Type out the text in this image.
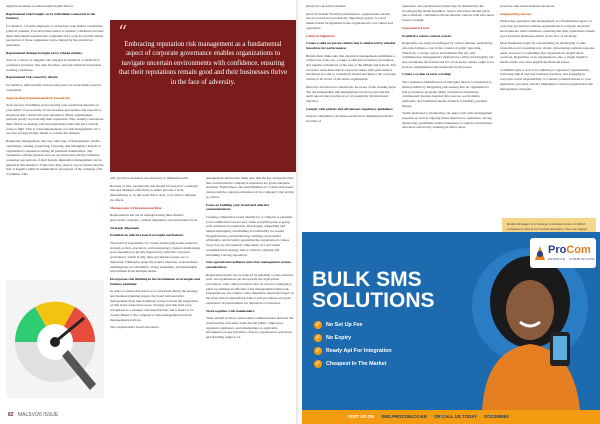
negative incidents or unfavourable health effects.

Reputational risk brought on by individuals connected to the business;

for instance, a hostile employee or an investor who makes contentious political remarks. Executive misconduct is another contributor because these individuals represent the companies they work for and the public perception of those companies can be shaped by the executives' reputation.

Reputational damage brought on by related entities;

such as a vendor or supplier who engages in unethical or ineffective workplace practices, like data breaches, and who mistreats hazardous working conditions.

Reputational risk caused by clients;

for instance, unfavourable reviews and posts on social media beyond complaints.

Approaching Reputational Risk Proactively

Your success in building and protecting your reputation depends on your ability to proactively avoid customer perceptions and respond to situations that could harm your reputation. Many organisations perform poorly in protecting their reputation. They usually concentrate their efforts on dealing with the reputational risks that have already come to light. This is crisis management, not risk management; it's a reactive strategy mainly meant to contain the damage.

Reputation management, like any other type of management, entails organising, creating, preserving, fostering, and managing a brand's or organisation's reputation among all pertinent stakeholders. The businesses with the greatest success are those that actively influence consumer perceptions of their brands. Reputation management can be helpful in this situation. If this isn't done, there's a good chance that the risk of negative shifts in stakeholders' perception of the company will crystallise. This

“
Embracing reputation risk management as a fundamental aspect of corporate governance enables organizations to navigate uncertain environments with confidence, ensuring that their reputations remain good and their businesses thrive in the face of adversity.

why proactive measures are necessary to minimise harm.

Because of this, reputational risk should be treated as a strategic risk and managed effectively to either prevent it from materialising or, in the event that it does, to be able to mitigate its effects.

Management Of Reputational Risk

Reputational risk can be managed using three distinct approaches: strategic, cultural alignment, and operational focus.

Strategic Alignment

Establish an effective board oversight mechanism:

The board is responsible for closely monitoring issues related to strategy, policy, execution, and transparency. Indeed, maintaining good reputation is greatly impacted by effective corporate governance, which is why these governance issues are so important. Ultimately under the board's direction, it necessitates unambiguous accountability, strong leadership, and meaningful involvement from multiple teams.

Incorporate risk thinking in the formulation of strategies and business planning:

In order to ensure that risk is not overlooked during the strategy and business planning stages, the board and executive management must take deliberate action towards the integration of risk in the related processes. Strategy and risk need to be recognised as a strategic and material risk, and it needs to be closely linked to the company's crisis management and risk management practices.

The organisation's board and senior

management should also make sure that the key enterprise risks that could harm the company's reputation are given adequate attention. Furthermore, the establishment of a robust risk-based culture and the ongoing evaluation of the company's risk profile is critical.

Focus on building your brand and effective communications:

Creating a distinctive brand identity for a company is essential to its commercial success and, when everything else is going well, enhances its reputation. Developing compelling and unique messaging, establishing accountability for results through metrics and monitoring, utilising social media efficiently, and fervently upholding the organisation's values every day are all essential components of a successful communication strategy that is critical to gaining and sustaining a strong reputation.

Give operational resilience and crisis management serious consideration:

Reputational harm can be reduced by handling a crisis situation well. An organisation can incorporate the appropriate procedures, roles, and governance into its current contingency plans by utilising an efficient crisis management framework. Organisations can conduct crisis simulation rehearsals based on the most critical reputational risks to test procedures and gain experience in preparedness for disruptive occurrences.

Work together with stakeholders:

There should be more value-added communication between the board and the executive team and the public, employees, suppliers, regulators, and shareholders as applicable. Information on key priorities, choices, organisation operations, and branding ought to be

82 MALSV/26 ISSUE

shared in a proactive manner.

Apart from their financial performance, organisations should also be perceived as positively impacting society. A social mission must be ingrained in the organisation's core values and operations.

Cultural Alignment

Create a solid corporate culture that is reinforced by suitable incentives for performance:

Brands must make sure that executive management establishes a robust tone at the top, a range of efficient escalation procedures, and regular evaluations of the tone at the middle and bottom. The executive team must match corporate values with performance incentives in order to completely mould and impact the corporate culture at all levels of the entire organisation.

Directors and directors should also be aware of the warning signs that the independent risk management function posts and the audit reports that provide proof of potentially dysfunctional behavior.

Comply with policies and all relevant regulatory guidelines:

Serious compliance violations are the most damaging incidents in terms of

reputation. An organisation's brand may be tarnished by the accompanying media headlines. Senior executives should put in place efficient, compliance-driven internal controls with structured board oversight.

Operational Focus

Establish a robust control system:

Reputation can easily be damaged by control failures, particularly when the failures occur in the context of public reporting. Therefore, a strong control environment that not only communicates management's dedication to ethics and integrity but also establishes the framework for a risk-aware culture ought to be in place, implemented and monitored by the board.

Create a system of early warning:

The continuous identification of emerging threats to reputation is made possible by integrating risk sensing into an organisation's risk governance program. Many well-known businesses continuously monitor internal data sources, social media platforms, and traditional media channels to identify potential threats.

Teams dedicated to monitoring can assist with crisis management response as well as ongoing threat detection to reputation. Strong monitoring capabilities enable businesses to analyse and interpret data more effectively, resulting in better, more

proactive risk-based business decisions.

Safeguarding Success

Embracing reputation risk management as a fundamental aspect of corporate governance enables organisations to navigate uncertain environments with confidence, ensuring that their reputations remain good and their businesses thrive in the face of adversity.

Most businesses begin by concentrating on developing a value proposition and acquiring new clients. Developing resilient response plans, however, is something that organisations should never overlook. Regardless of an organisation's size, a single negative media article can cause significant financial losses.

A mindful plan to start is by adhering to regulatory requirements, following ethical and best business practices, and engaging in corporate social responsibility. To counter potential threats to your reputation, you must actively implement corporate reputational risk management strategies.

Reuben Kisagun is a strategy consultant and a certified competency-based curriculum developer. You can engage
BULK SMS
SOLUTIONS
✓ No Set Up Fee
✓ No Expiry
✓ Ready Api For Integration
✓ Cheapest In The Market
VISIT US ON SMS.PROCOM.CO.KE OR CALL US TODAY 0721399063
ProCom
PROMOTE · COMMUNICATE
